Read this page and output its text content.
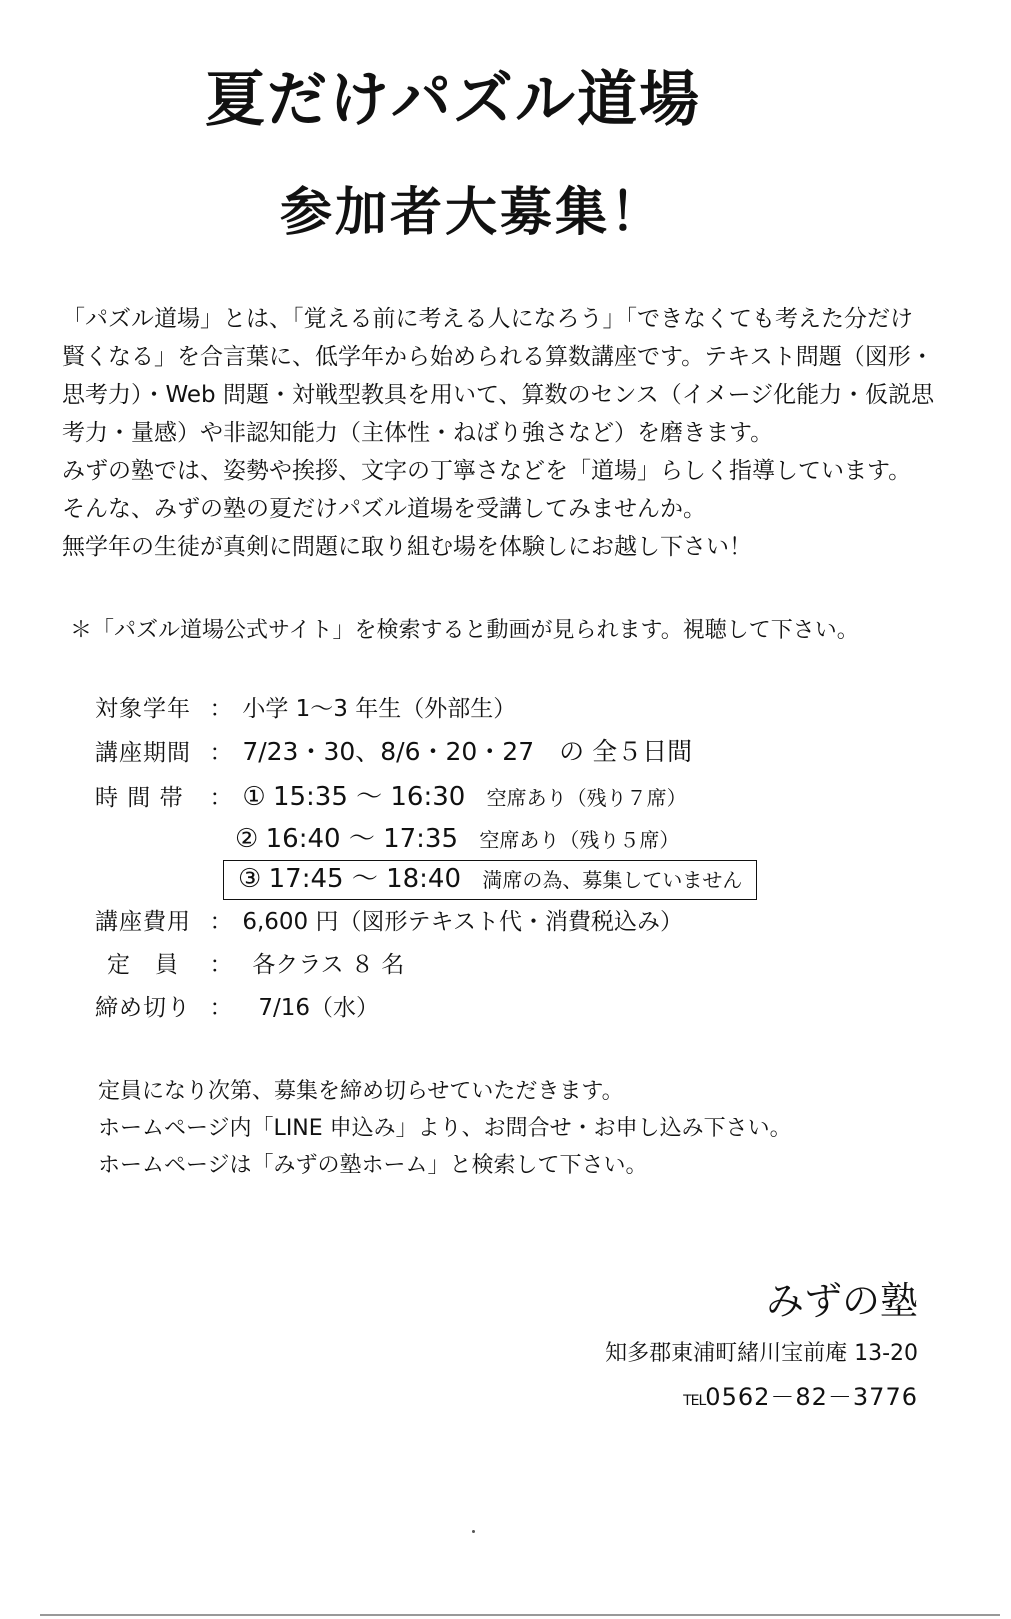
夏だけパズル道場
参加者大募集！

「パズル道場」とは、「覚える前に考える人になろう」「できなくても考えた分だけ

賢くなる」を合言葉に、低学年から始められる算数講座です。テキスト問題（図形・

思考力）・Web 問題・対戦型教具を用いて、算数のセンス（イメージ化能力・仮説思

考力・量感）や非認知能力（主体性・ねばり強さなど）を磨きます。

みずの塾では、姿勢や挨拶、文字の丁寧さなどを「道場」らしく指導しています。

そんな、みずの塾の夏だけパズル道場を受講してみませんか。

無学年の生徒が真剣に問題に取り組む場を体験しにお越し下さい！

＊「パズル道場公式サイト」を検索すると動画が見られます。視聴して下さい。
対象学年 ： 小学 1～3 年生（外部生）
講座期間 ： 7/23・30、8/6・20・27　の 全５日間
時 間 帯 ： ① 15:35 ～ 16:30 空席あり（残り７席）
② 16:40 ～ 17:35 空席あり（残り５席）
③ 17:45 ～ 18:40 満席の為、募集していません
講座費用 ： 6,600 円（図形テキスト代・消費税込み）
定　員 ： 各クラス ８ 名
締め切り ： 7/16（水）

定員になり次第、募集を締め切らせていただきます。

ホームページ内「LINE 申込み」より、お問合せ・お申し込み下さい。

ホームページは「みずの塾ホーム」と検索して下さい。

みずの塾
知多郡東浦町緒川宝前庵 13-20
TEL0562－82－3776
